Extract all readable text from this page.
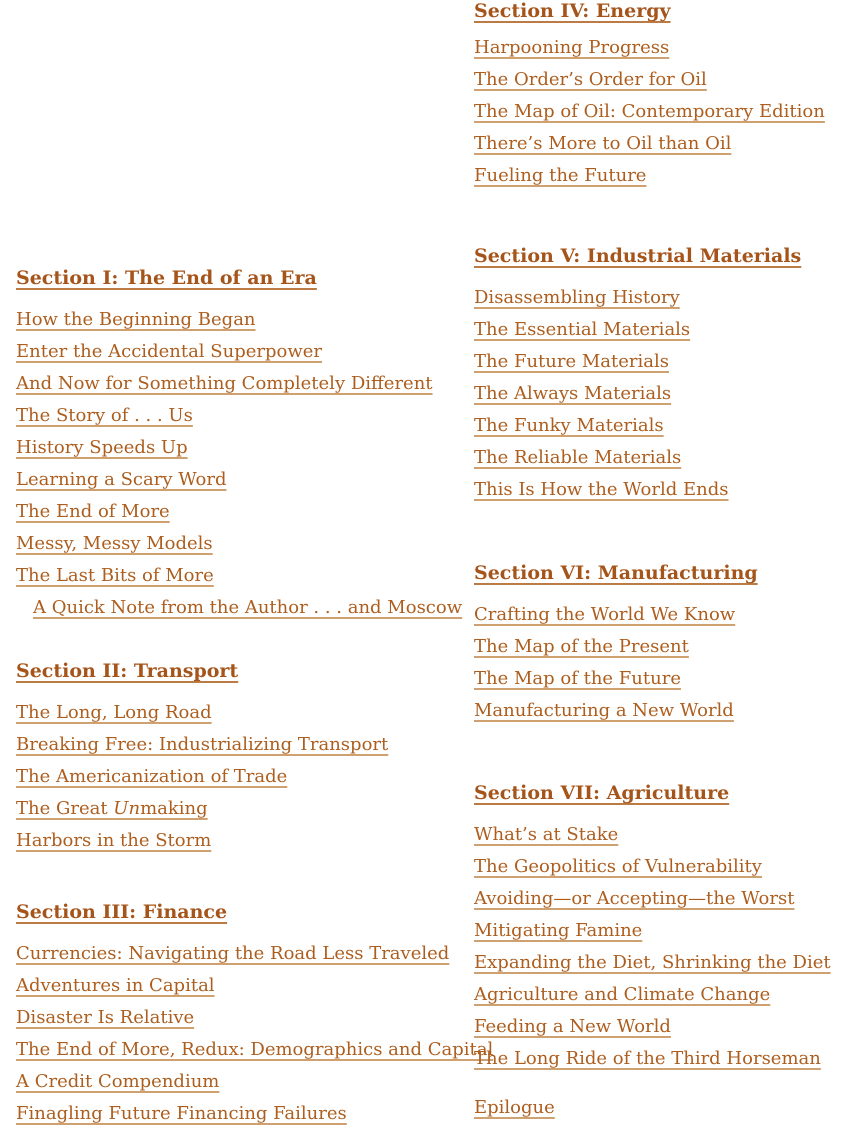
Section I: The End of an Era
How the Beginning Began
Enter the Accidental Superpower
And Now for Something Completely Different
The Story of . . . Us
History Speeds Up
Learning a Scary Word
The End of More
Messy, Messy Models
The Last Bits of More
A Quick Note from the Author . . . and Moscow
Section II: Transport
The Long, Long Road
Breaking Free: Industrializing Transport
The Americanization of Trade
The Great Unmaking
Harbors in the Storm
Section III: Finance
Currencies: Navigating the Road Less Traveled
Adventures in Capital
Disaster Is Relative
The End of More, Redux: Demographics and Capital
A Credit Compendium
Finagling Future Financing Failures
Section IV: Energy
Harpooning Progress
The Order’s Order for Oil
The Map of Oil: Contemporary Edition
There’s More to Oil than Oil
Fueling the Future
Section V: Industrial Materials
Disassembling History
The Essential Materials
The Future Materials
The Always Materials
The Funky Materials
The Reliable Materials
This Is How the World Ends
Section VI: Manufacturing
Crafting the World We Know
The Map of the Present
The Map of the Future
Manufacturing a New World
Section VII: Agriculture
What’s at Stake
The Geopolitics of Vulnerability
Avoiding—or Accepting—the Worst
Mitigating Famine
Expanding the Diet, Shrinking the Diet
Agriculture and Climate Change
Feeding a New World
The Long Ride of the Third Horseman
Epilogue
